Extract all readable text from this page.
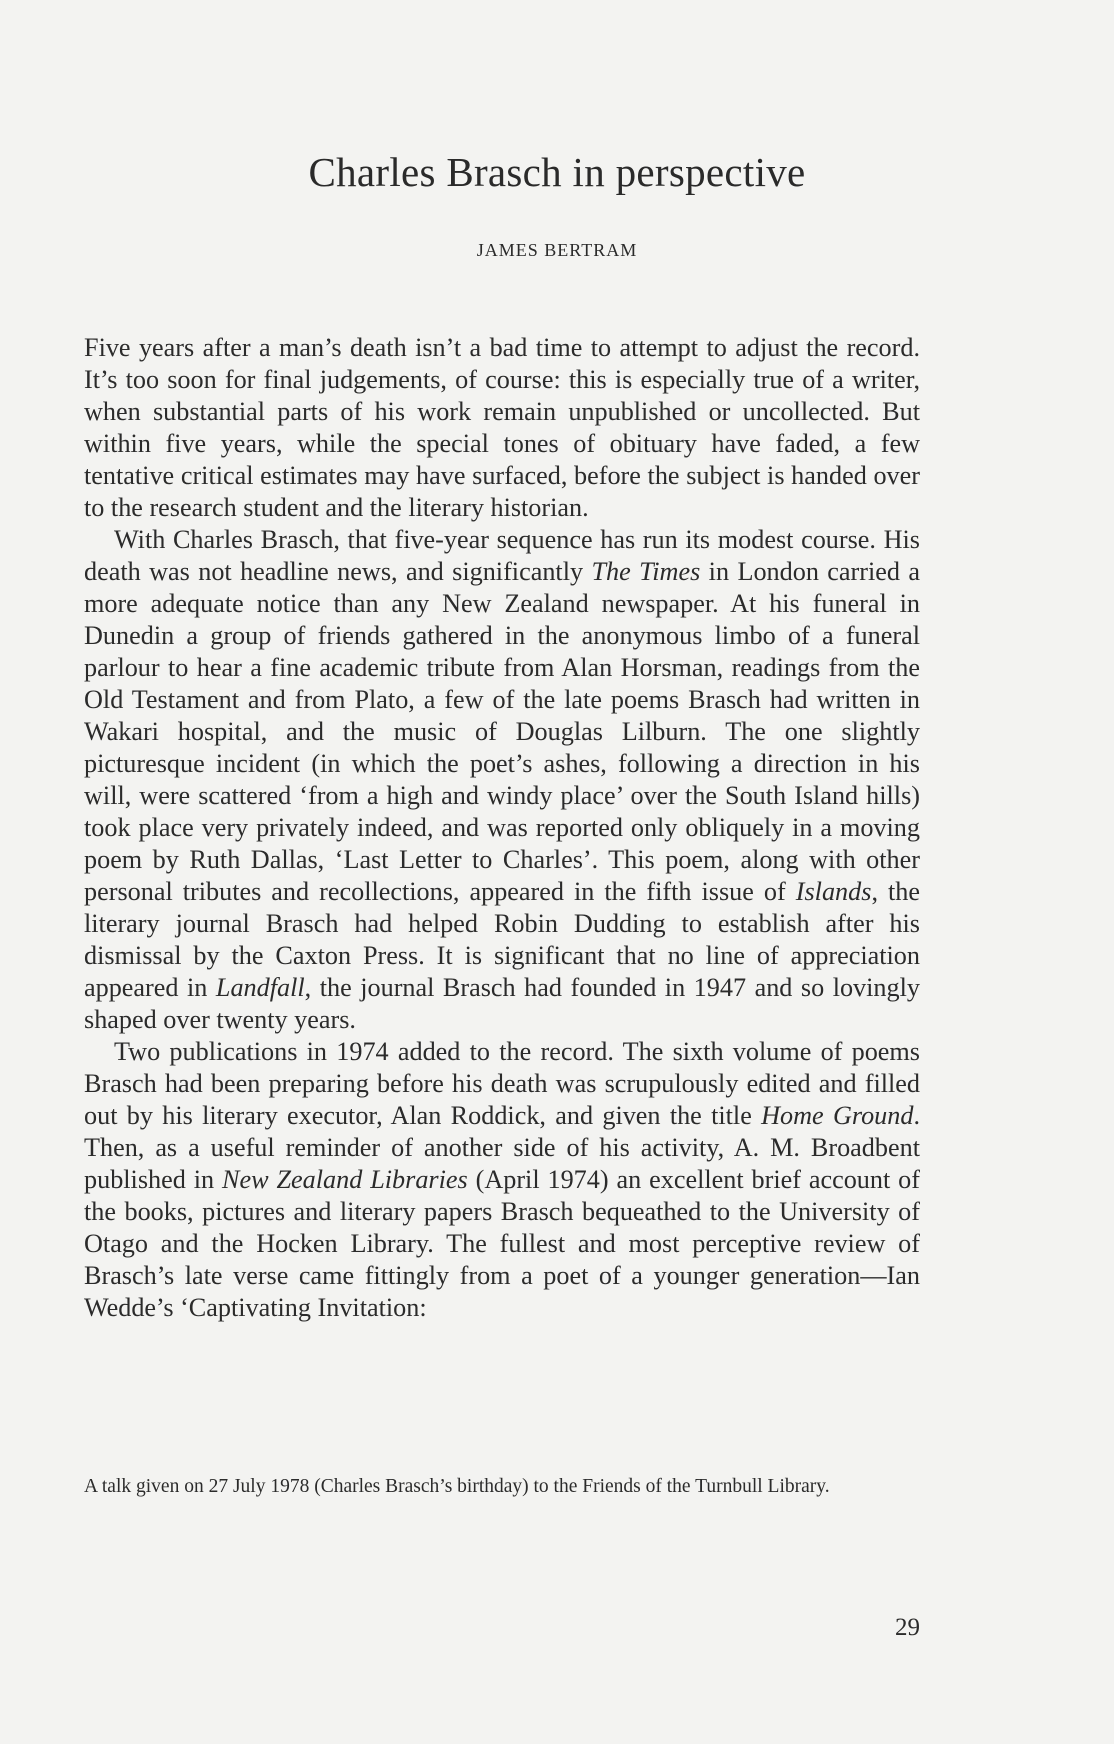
Charles Brasch in perspective
JAMES BERTRAM

Five years after a man’s death isn’t a bad time to attempt to adjust the record. It’s too soon for final judgements, of course: this is especially true of a writer, when substantial parts of his work remain unpublished or uncollected. But within five years, while the special tones of obituary have faded, a few tentative critical estimates may have surfaced, before the subject is handed over to the research student and the literary historian.

With Charles Brasch, that five-year sequence has run its modest course. His death was not headline news, and significantly The Times in London carried a more adequate notice than any New Zealand newspaper. At his funeral in Dunedin a group of friends gathered in the anonymous limbo of a funeral parlour to hear a fine academic tribute from Alan Horsman, readings from the Old Testament and from Plato, a few of the late poems Brasch had written in Wakari hospital, and the music of Douglas Lilburn. The one slightly picturesque incident (in which the poet’s ashes, following a direction in his will, were scattered ‘from a high and windy place’ over the South Island hills) took place very privately indeed, and was reported only obliquely in a moving poem by Ruth Dallas, ‘Last Letter to Charles’. This poem, along with other personal tributes and recollections, appeared in the fifth issue of Islands, the literary journal Brasch had helped Robin Dudding to establish after his dismissal by the Caxton Press. It is significant that no line of appreciation appeared in Landfall, the journal Brasch had founded in 1947 and so lovingly shaped over twenty years.

Two publications in 1974 added to the record. The sixth volume of poems Brasch had been preparing before his death was scrupulously edited and filled out by his literary executor, Alan Roddick, and given the title Home Ground. Then, as a useful reminder of another side of his activity, A. M. Broadbent published in New Zealand Libraries (April 1974) an excellent brief account of the books, pictures and literary papers Brasch bequeathed to the University of Otago and the Hocken Library. The fullest and most perceptive review of Brasch’s late verse came fittingly from a poet of a younger generation—Ian Wedde’s ‘Captivating Invitation:

A talk given on 27 July 1978 (Charles Brasch’s birthday) to the Friends of the Turnbull Library.
29
